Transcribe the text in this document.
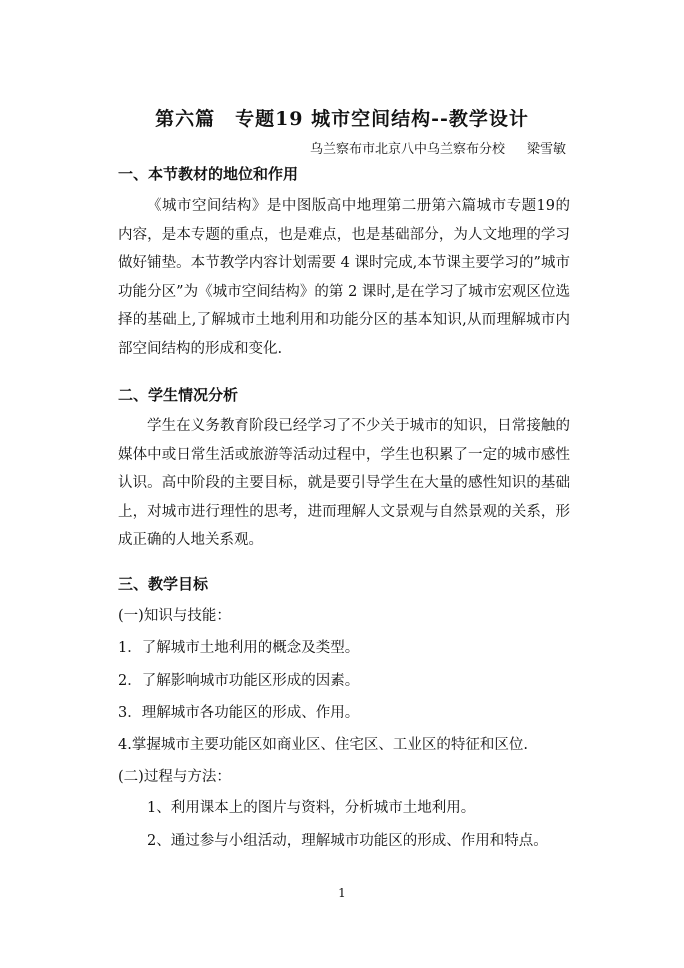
第六篇　专题19 城市空间结构--教学设计
乌兰察布市北京八中乌兰察布分校 梁雪敏
一、本节教材的地位和作用
《城市空间结构》是中图版高中地理第二册第六篇城市专题19的内容，是本专题的重点，也是难点，也是基础部分，为人文地理的学习做好铺垫。本节教学内容计划需要 4 课时完成,本节课主要学习的”城市功能分区”为《城市空间结构》的第 2 课时,是在学习了城市宏观区位选择的基础上,了解城市土地利用和功能分区的基本知识,从而理解城市内部空间结构的形成和变化.
二、学生情况分析
学生在义务教育阶段已经学习了不少关于城市的知识，日常接触的媒体中或日常生活或旅游等活动过程中，学生也积累了一定的城市感性认识。高中阶段的主要目标，就是要引导学生在大量的感性知识的基础上，对城市进行理性的思考，进而理解人文景观与自然景观的关系，形成正确的人地关系观。
三、教学目标
(一)知识与技能：
1．了解城市土地利用的概念及类型。
2．了解影响城市功能区形成的因素。
3．理解城市各功能区的形成、作用。
4.掌握城市主要功能区如商业区、住宅区、工业区的特征和区位.
(二)过程与方法：
1、利用课本上的图片与资料，分析城市土地利用。
2、通过参与小组活动，理解城市功能区的形成、作用和特点。
1
